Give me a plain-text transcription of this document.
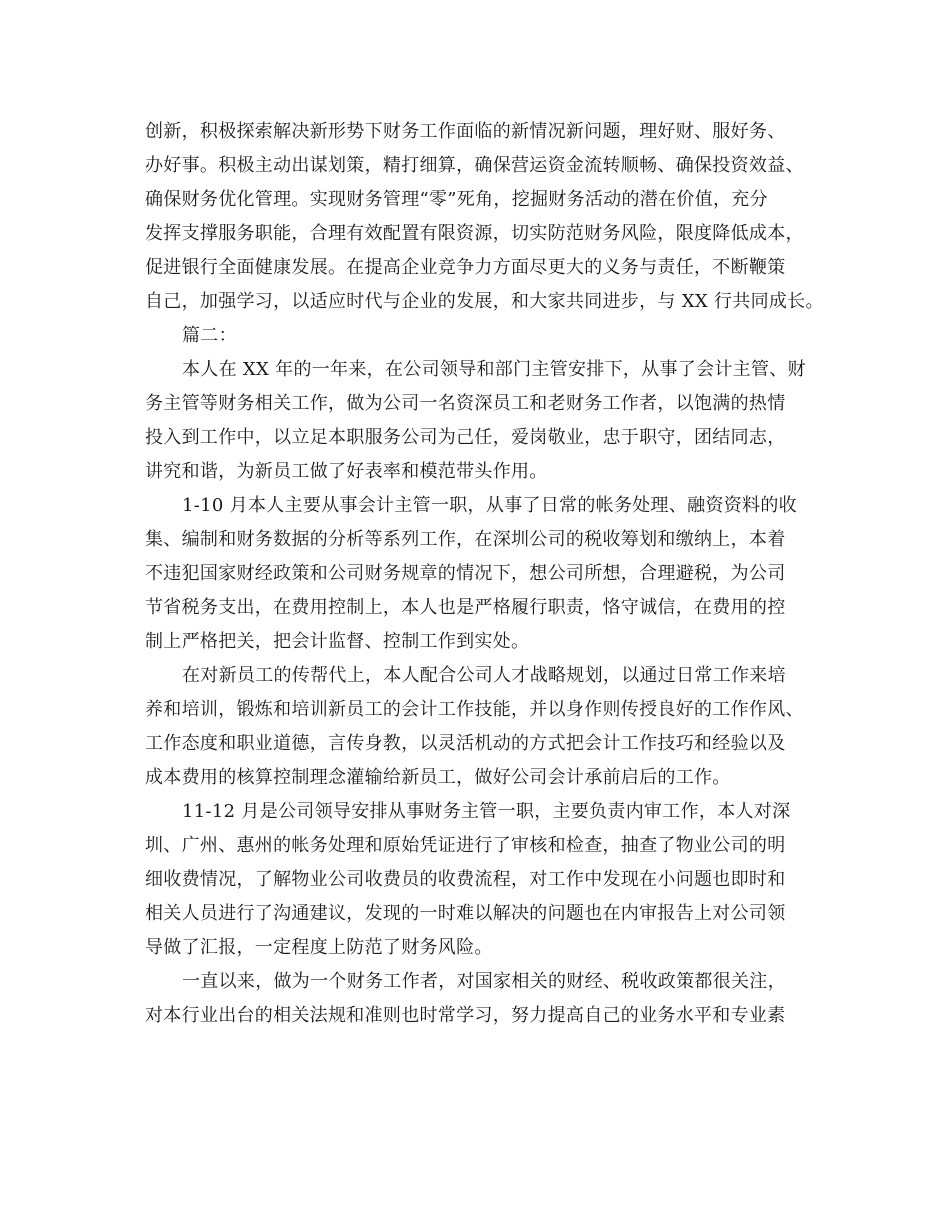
创新，积极探索解决新形势下财务工作面临的新情况新问题，理好财、服好务、
办好事。积极主动出谋划策，精打细算，确保营运资金流转顺畅、确保投资效益、
确保财务优化管理。实现财务管理“零”死角，挖掘财务活动的潜在价值，充分
发挥支撑服务职能，合理有效配置有限资源，切实防范财务风险，限度降低成本，
促进银行全面健康发展。在提高企业竞争力方面尽更大的义务与责任，不断鞭策
自己，加强学习，以适应时代与企业的发展，和大家共同进步，与 XX 行共同成长。
篇二：
本人在 XX 年的一年来，在公司领导和部门主管安排下，从事了会计主管、财
务主管等财务相关工作，做为公司一名资深员工和老财务工作者，以饱满的热情
投入到工作中，以立足本职服务公司为己任，爱岗敬业，忠于职守，团结同志，
讲究和谐，为新员工做了好表率和模范带头作用。
1-10 月本人主要从事会计主管一职，从事了日常的帐务处理、融资资料的收
集、编制和财务数据的分析等系列工作，在深圳公司的税收筹划和缴纳上，本着
不违犯国家财经政策和公司财务规章的情况下，想公司所想，合理避税，为公司
节省税务支出，在费用控制上，本人也是严格履行职责，恪守诚信，在费用的控
制上严格把关，把会计监督、控制工作到实处。
在对新员工的传帮代上，本人配合公司人才战略规划，以通过日常工作来培
养和培训，锻炼和培训新员工的会计工作技能，并以身作则传授良好的工作作风、
工作态度和职业道德，言传身教，以灵活机动的方式把会计工作技巧和经验以及
成本费用的核算控制理念灌输给新员工，做好公司会计承前启后的工作。
11-12 月是公司领导安排从事财务主管一职，主要负责内审工作，本人对深
圳、广州、惠州的帐务处理和原始凭证进行了审核和检查，抽查了物业公司的明
细收费情况，了解物业公司收费员的收费流程，对工作中发现在小问题也即时和
相关人员进行了沟通建议，发现的一时难以解决的问题也在内审报告上对公司领
导做了汇报，一定程度上防范了财务风险。
一直以来，做为一个财务工作者，对国家相关的财经、税收政策都很关注，
对本行业出台的相关法规和准则也时常学习，努力提高自己的业务水平和专业素
